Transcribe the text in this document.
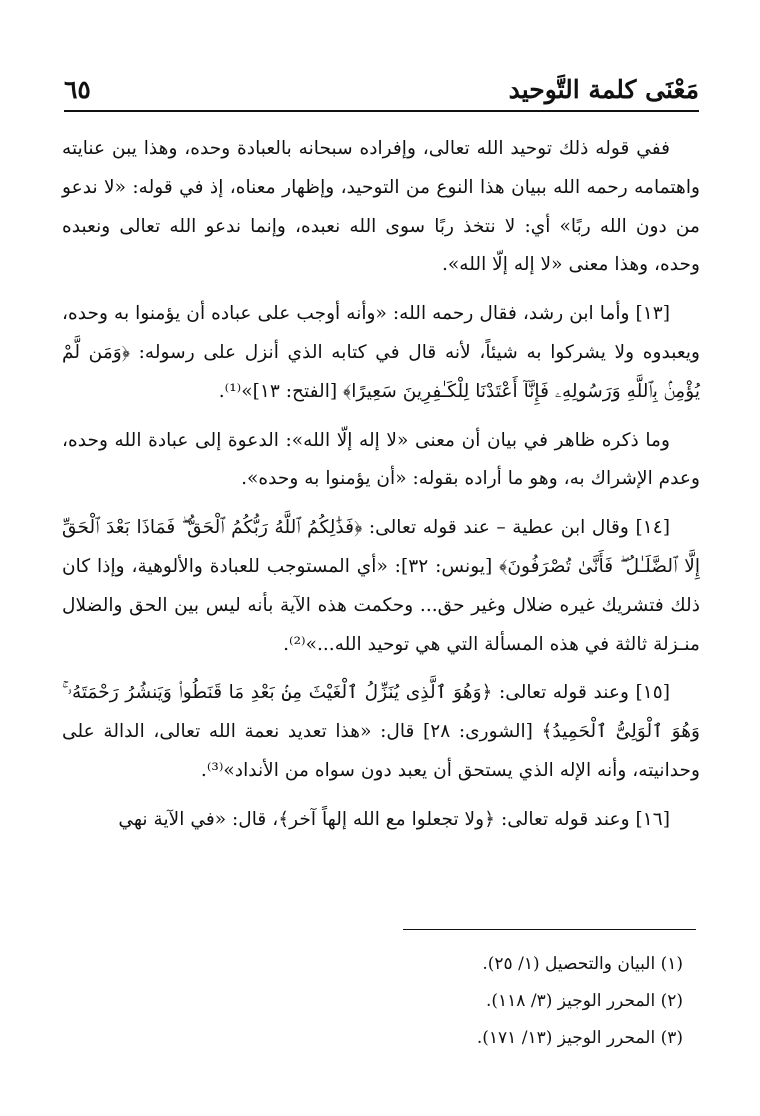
مَعْنَى كلمة التَّوحيد
٦٥

ففي قوله ذلك توحيد الله تعالى، وإفراده سبحانه بالعبادة وحده، وهذا يبن عنايته واهتمامه رحمه الله ببيان هذا النوع من التوحيد، وإظهار معناه، إذ في قوله: «لا ندعو من دون الله ربًا» أي: لا نتخذ ربًا سوى الله نعبده، وإنما ندعو الله تعالى ونعبده وحده، وهذا معنى «لا إله إلّا الله».

[١٣] وأما ابن رشد، فقال رحمه الله: «وأنه أوجب على عباده أن يؤمنوا به وحده، ويعبدوه ولا يشركوا به شيئاً، لأنه قال في كتابه الذي أنزل على رسوله: ﴿وَمَن لَّمْ يُؤْمِنۢ بِٱللَّهِ وَرَسُولِهِۦ فَإِنَّآ أَعْتَدْنَا لِلْكَـٰفِرِينَ سَعِيرًا﴾ [الفتح: ١٣]»⁽¹⁾.

وما ذكره ظاهر في بيان أن معنى «لا إله إلّا الله»: الدعوة إلى عبادة الله وحده، وعدم الإشراك به، وهو ما أراده بقوله: «أن يؤمنوا به وحده».

[١٤] وقال ابن عطية – عند قوله تعالى: ﴿فَذَٰلِكُمُ ٱللَّهُ رَبُّكُمُ ٱلْحَقُّ ۖ فَمَاذَا بَعْدَ ٱلْحَقِّ إِلَّا ٱلضَّلَـٰلُ ۖ فَأَنَّىٰ تُصْرَفُونَ﴾ [يونس: ٣٢]: «أي المستوجب للعبادة والألوهية، وإذا كان ذلك فتشريك غيره ضلال وغير حق... وحكمت هذه الآية بأنه ليس بين الحق والضلال منـزلة ثالثة في هذه المسألة التي هي توحيد الله...»⁽²⁾.

[١٥] وعند قوله تعالى: ﴿وَهُوَ ٱلَّذِى يُنَزِّلُ ٱلْغَيْثَ مِنۢ بَعْدِ مَا قَنَطُوا۟ وَيَنشُرُ رَحْمَتَهُۥ ۚ وَهُوَ ٱلْوَلِىُّ ٱلْحَمِيدُ﴾ [الشورى: ٢٨] قال: «هذا تعديد نعمة الله تعالى، الدالة على وحدانيته، وأنه الإله الذي يستحق أن يعبد دون سواه من الأنداد»⁽³⁾.

[١٦] وعند قوله تعالى: ﴿ولا تجعلوا مع الله إلهاً آخر﴾، قال: «في الآية نهي

(١) البيان والتحصيل (١/ ٢٥).
(٢) المحرر الوجيز (٣/ ١١٨).
(٣) المحرر الوجيز (١٣/ ١٧١).
